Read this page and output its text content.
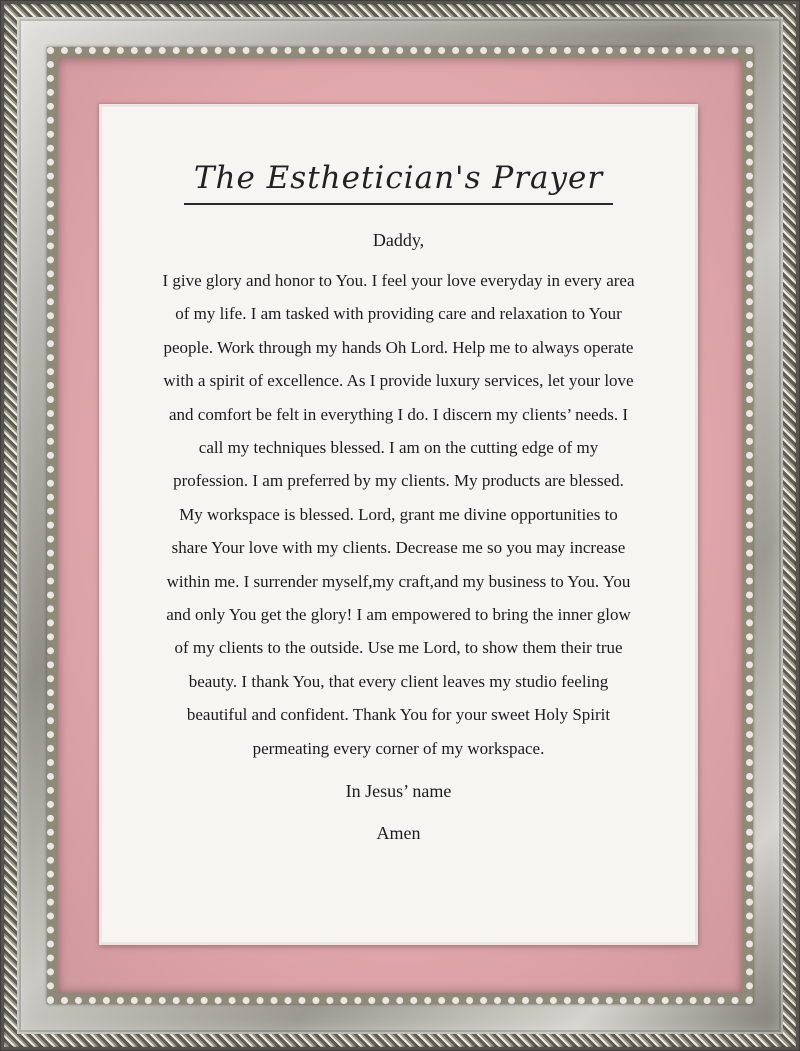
The Esthetician's Prayer
Daddy,
I give glory and honor to You. I feel your love everyday in every area
of my life. I am tasked with providing care and relaxation to Your
people. Work through my hands Oh Lord. Help me to always operate
with a spirit of excellence. As I provide luxury services, let your love
and comfort be felt in everything I do. I discern my clients’ needs. I
call my techniques blessed. I am on the cutting edge of my
profession. I am preferred by my clients. My products are blessed.
My workspace is blessed. Lord, grant me divine opportunities to
share Your love with my clients. Decrease me so you may increase
within me. I surrender myself,my craft,and my business to You. You
and only You get the glory! I am empowered to bring the inner glow
of my clients to the outside. Use me Lord, to show them their true
beauty. I thank You, that every client leaves my studio feeling
beautiful and confident. Thank You for your sweet Holy Spirit
permeating every corner of my workspace.
In Jesus’ name
Amen
